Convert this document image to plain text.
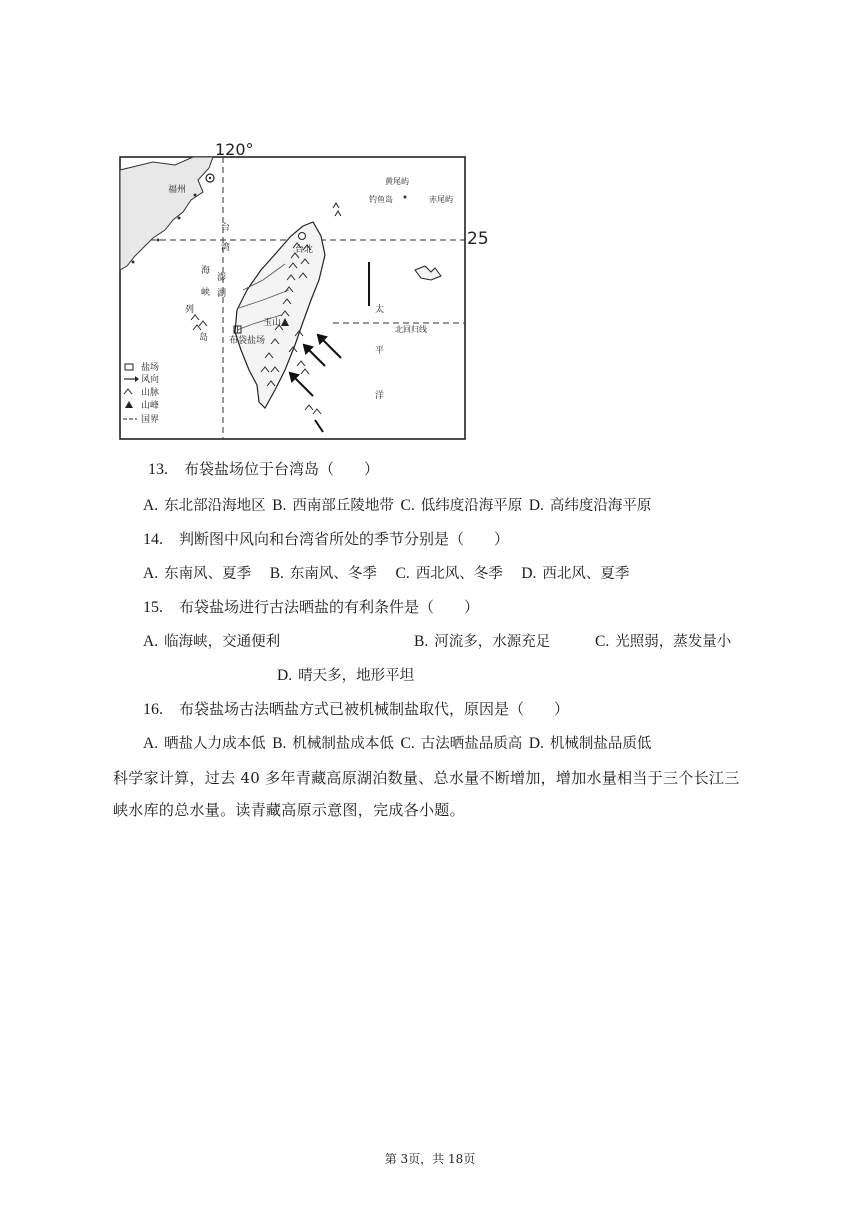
120°
25
福州
玉山
台北
布袋盐场
台
湾
海
峡
澎
湖
列
岛
黄尾屿
钓鱼岛	赤尾屿
北回归线
太
平
洋
盐场
风向
山脉
山峰
国界
13. 布袋盐场位于台湾岛（　　）
A. 东北部沿海地区 B. 西南部丘陵地带 C. 低纬度沿海平原 D. 高纬度沿海平原
14. 判断图中风向和台湾省所处的季节分别是（　　）
A. 东南风、夏季 B. 东南风、冬季 C. 西北风、冬季 D. 西北风、夏季
15. 布袋盐场进行古法晒盐的有利条件是（　　）
A. 临海峡，交通便利	B. 河流多，水源充足	C. 光照弱，蒸发量小
D. 晴天多，地形平坦
16. 布袋盐场古法晒盐方式已被机械制盐取代，原因是（　　）
A. 晒盐人力成本低 B. 机械制盐成本低 C. 古法晒盐品质高 D. 机械制盐品质低
科学家计算，过去 40 多年青藏高原湖泊数量、总水量不断增加，增加水量相当于三个长江三峡水库的总水量。读青藏高原示意图，完成各小题。
第 3页，共 18页
